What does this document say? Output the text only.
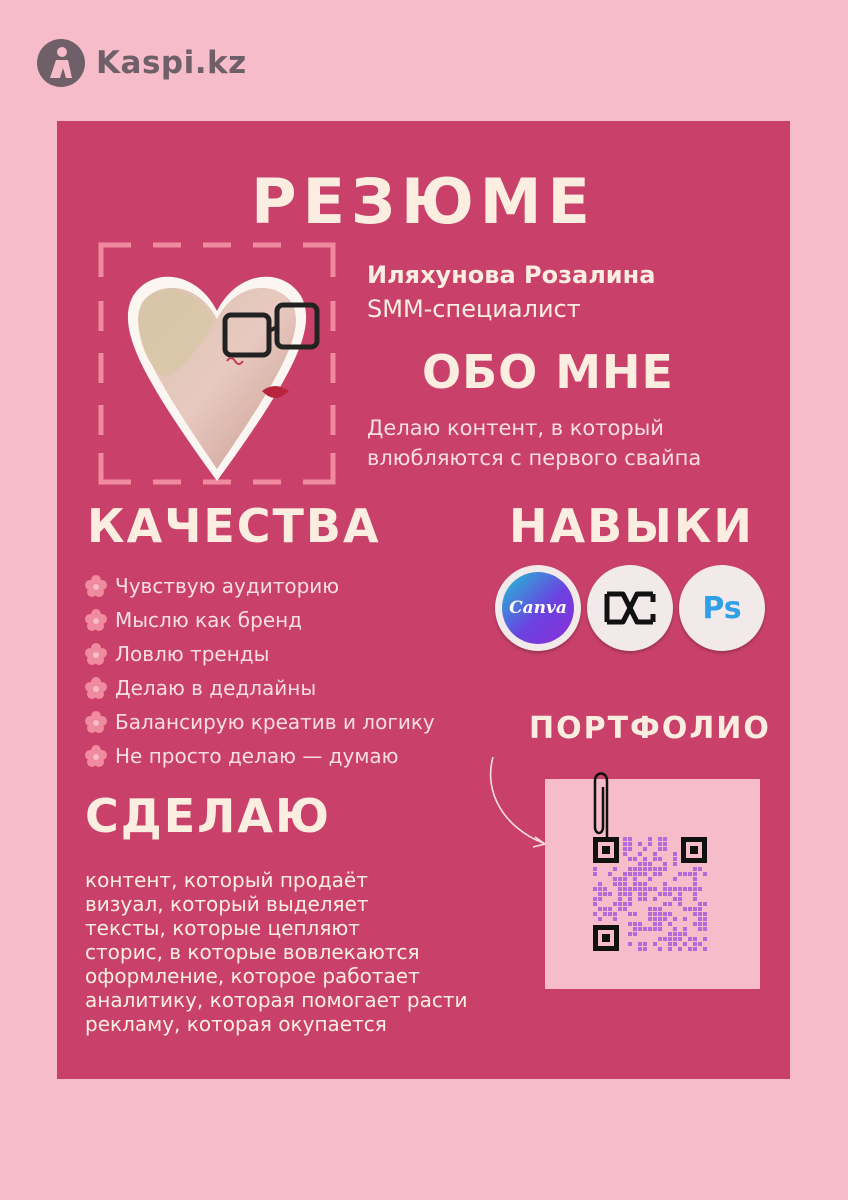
Kaspi.kz
РЕЗЮМЕ
Иляхунова Розалина
SMM-специалист
ОБО МНЕ
Делаю контент, в который влюбляются с первого свайпа
КАЧЕСТВА
Чувствую аудиторию
Мыслю как бренд
Ловлю тренды
Делаю в дедлайны
Балансирую креатив и логику
Не просто делаю — думаю
НАВЫКИ
Canva	Ps
ПОРТФОЛИО
СДЕЛАЮ
контент, который продаёт
визуал, который выделяет
тексты, которые цепляют
сторис, в которые вовлекаются
оформление, которое работает
аналитику, которая помогает расти
рекламу, которая окупается
